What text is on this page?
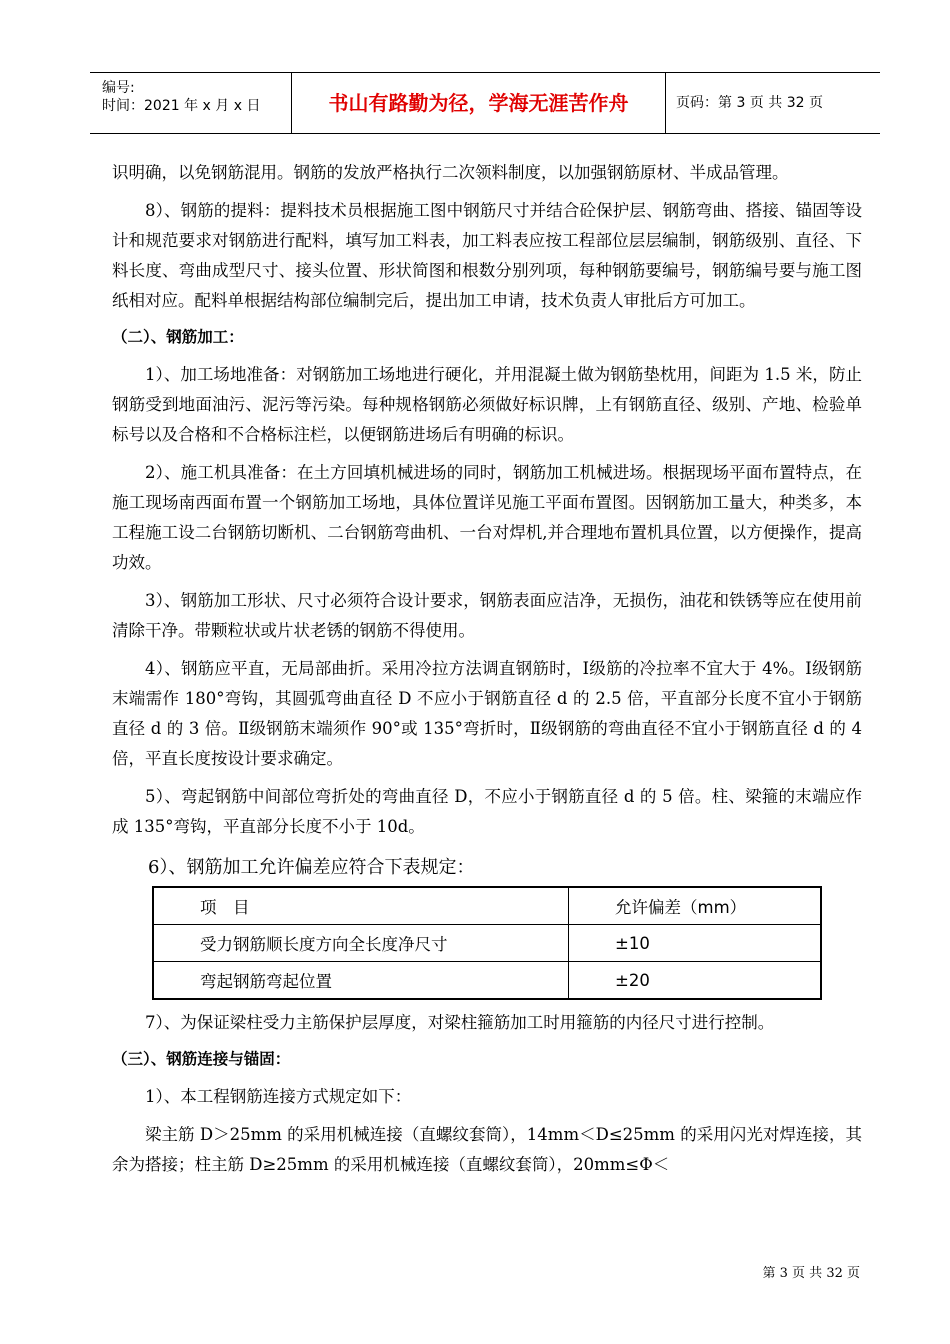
编号:
时间：2021 年 x 月 x 日	书山有路勤为径，学海无涯苦作舟	页码：第 3 页 共 32 页

识明确，以免钢筋混用。钢筋的发放严格执行二次领料制度，以加强钢筋原材、半成品管理。

8）、钢筋的提料：提料技术员根据施工图中钢筋尺寸并结合砼保护层、钢筋弯曲、搭接、锚固等设计和规范要求对钢筋进行配料，填写加工料表，加工料表应按工程部位层层编制，钢筋级别、直径、下料长度、弯曲成型尺寸、接头位置、形状简图和根数分别列项，每种钢筋要编号，钢筋编号要与施工图纸相对应。配料单根据结构部位编制完后，提出加工申请，技术负责人审批后方可加工。

（二）、钢筋加工：

1）、加工场地准备：对钢筋加工场地进行硬化，并用混凝土做为钢筋垫枕用，间距为 1.5 米，防止钢筋受到地面油污、泥污等污染。每种规格钢筋必须做好标识牌，上有钢筋直径、级别、产地、检验单标号以及合格和不合格标注栏，以便钢筋进场后有明确的标识。

2）、施工机具准备：在土方回填机械进场的同时，钢筋加工机械进场。根据现场平面布置特点，在施工现场南西面布置一个钢筋加工场地，具体位置详见施工平面布置图。因钢筋加工量大，种类多，本工程施工设二台钢筋切断机、二台钢筋弯曲机、一台对焊机,并合理地布置机具位置，以方便操作，提高功效。

3）、钢筋加工形状、尺寸必须符合设计要求，钢筋表面应洁净，无损伤，油花和铁锈等应在使用前清除干净。带颗粒状或片状老锈的钢筋不得使用。

4）、钢筋应平直，无局部曲折。采用冷拉方法调直钢筋时，Ⅰ级筋的冷拉率不宜大于 4%。Ⅰ级钢筋末端需作 180°弯钩，其圆弧弯曲直径 D 不应小于钢筋直径 d 的 2.5 倍，平直部分长度不宜小于钢筋直径 d 的 3 倍。Ⅱ级钢筋末端须作 90°或 135°弯折时，Ⅱ级钢筋的弯曲直径不宜小于钢筋直径 d 的 4 倍，平直长度按设计要求确定。

5）、弯起钢筋中间部位弯折处的弯曲直径 D，不应小于钢筋直径 d 的 5 倍。柱、梁箍的末端应作成 135°弯钩，平直部分长度不小于 10d。

6）、钢筋加工允许偏差应符合下表规定：

项　目	允许偏差（mm）
受力钢筋顺长度方向全长度净尺寸	±10
弯起钢筋弯起位置	±20

7）、为保证梁柱受力主筋保护层厚度，对梁柱箍筋加工时用箍筋的内径尺寸进行控制。

（三）、钢筋连接与锚固：

1）、本工程钢筋连接方式规定如下：

梁主筋 D＞25mm 的采用机械连接（直螺纹套筒），14mm＜D≤25mm 的采用闪光对焊连接，其余为搭接；柱主筋 D≥25mm 的采用机械连接（直螺纹套筒），20mm≤Φ＜

第 3 页 共 32 页
